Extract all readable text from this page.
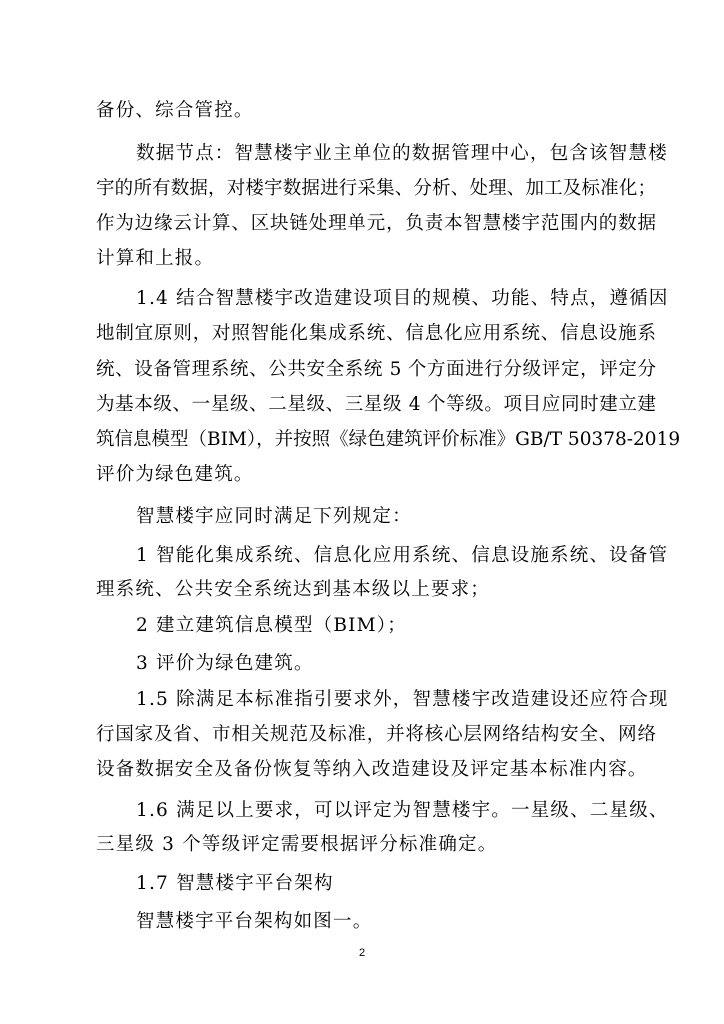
备份、综合管控。
数据节点：智慧楼宇业主单位的数据管理中心，包含该智慧楼
宇的所有数据，对楼宇数据进行采集、分析、处理、加工及标准化；
作为边缘云计算、区块链处理单元，负责本智慧楼宇范围内的数据
计算和上报。
1.4 结合智慧楼宇改造建设项目的规模、功能、特点，遵循因
地制宜原则，对照智能化集成系统、信息化应用系统、信息设施系
统、设备管理系统、公共安全系统 5 个方面进行分级评定，评定分
为基本级、一星级、二星级、三星级 4 个等级。项目应同时建立建
筑信息模型（BIM），并按照《绿色建筑评价标准》GB/T 50378-2019
评价为绿色建筑。
智慧楼宇应同时满足下列规定：
1 智能化集成系统、信息化应用系统、信息设施系统、设备管
理系统、公共安全系统达到基本级以上要求；
2 建立建筑信息模型（BIM）；
3 评价为绿色建筑。
1.5 除满足本标准指引要求外，智慧楼宇改造建设还应符合现
行国家及省、市相关规范及标准，并将核心层网络结构安全、网络
设备数据安全及备份恢复等纳入改造建设及评定基本标准内容。
1.6 满足以上要求，可以评定为智慧楼宇。一星级、二星级、
三星级 3 个等级评定需要根据评分标准确定。
1.7 智慧楼宇平台架构
智慧楼宇平台架构如图一。
2
